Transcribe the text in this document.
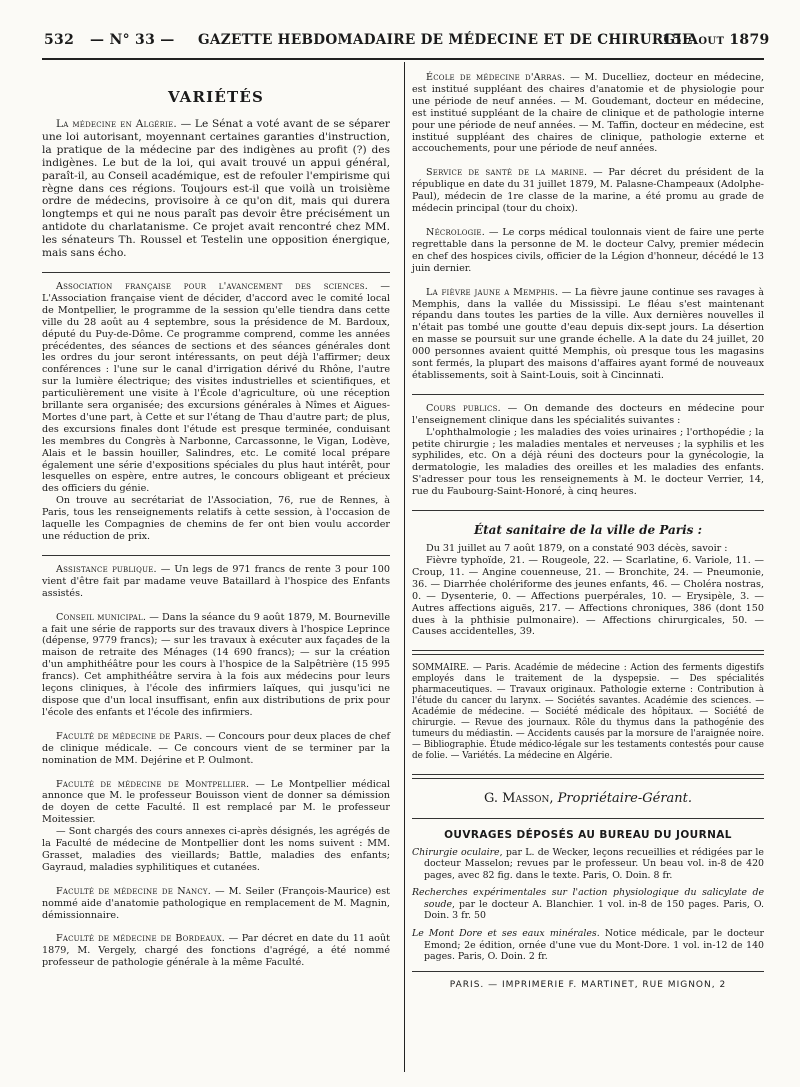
532 — N° 33 — GAZETTE HEBDOMADAIRE DE MÉDECINE ET DE CHIRURGIE
15 Aout 1879
VARIÉTÉS

La médecine en Algérie. — Le Sénat a voté avant de se séparer une loi autorisant, moyennant certaines garanties d'instruction, la pratique de la médecine par des indigènes au profit (?) des indigènes. Le but de la loi, qui avait trouvé un appui général, paraît-il, au Conseil académique, est de refouler l'empirisme qui règne dans ces régions. Toujours est-il que voilà un troisième ordre de médecins, provisoire à ce qu'on dit, mais qui durera longtemps et qui ne nous paraît pas devoir être précisément un antidote du charlatanisme. Ce projet avait rencontré chez MM. les sénateurs Th. Roussel et Testelin une opposition énergique, mais sans écho.

Association française pour l'avancement des sciences. — L'Association française vient de décider, d'accord avec le comité local de Montpellier, le programme de la session qu'elle tiendra dans cette ville du 28 août au 4 septembre, sous la présidence de M. Bardoux, député du Puy-de-Dôme. Ce programme comprend, comme les années précédentes, des séances de sections et des séances générales dont les ordres du jour seront intéressants, on peut déjà l'affirmer; deux conférences : l'une sur le canal d'irrigation dérivé du Rhône, l'autre sur la lumière électrique; des visites industrielles et scientifiques, et particulièrement une visite à l'École d'agriculture, où une réception brillante sera organisée; des excursions générales à Nîmes et Aigues-Mortes d'une part, à Cette et sur l'étang de Thau d'autre part; de plus, des excursions finales dont l'étude est presque terminée, conduisant les membres du Congrès à Narbonne, Carcassonne, le Vigan, Lodève, Alais et le bassin houiller, Salindres, etc. Le comité local prépare également une série d'expositions spéciales du plus haut intérêt, pour lesquelles on espère, entre autres, le concours obligeant et précieux des officiers du génie.

On trouve au secrétariat de l'Association, 76, rue de Rennes, à Paris, tous les renseignements relatifs à cette session, à l'occasion de laquelle les Compagnies de chemins de fer ont bien voulu accorder une réduction de prix.

Assistance publique. — Un legs de 971 francs de rente 3 pour 100 vient d'être fait par madame veuve Bataillard à l'hospice des Enfants assistés.

Conseil municipal. — Dans la séance du 9 août 1879, M. Bourneville a fait une série de rapports sur des travaux divers à l'hospice Leprince (dépense, 9779 francs); — sur les travaux à exécuter aux façades de la maison de retraite des Ménages (14 690 francs); — sur la création d'un amphithéâtre pour les cours à l'hospice de la Salpêtrière (15 995 francs). Cet amphithéâtre servira à la fois aux médecins pour leurs leçons cliniques, à l'école des infirmiers laïques, qui jusqu'ici ne dispose que d'un local insuffisant, enfin aux distributions de prix pour l'école des enfants et l'école des infirmiers.

Faculté de médecine de Paris. — Concours pour deux places de chef de clinique médicale. — Ce concours vient de se terminer par la nomination de MM. Dejérine et P. Oulmont.

Faculté de médecine de Montpellier. — Le Montpellier médical annonce que M. le professeur Bouisson vient de donner sa démission de doyen de cette Faculté. Il est remplacé par M. le professeur Moitessier.

— Sont chargés des cours annexes ci-après désignés, les agrégés de la Faculté de médecine de Montpellier dont les noms suivent : MM. Grasset, maladies des vieillards; Battle, maladies des enfants; Gayraud, maladies syphilitiques et cutanées.

Faculté de médecine de Nancy. — M. Seiler (François-Maurice) est nommé aide d'anatomie pathologique en remplacement de M. Magnin, démissionnaire.

Faculté de médecine de Bordeaux. — Par décret en date du 11 août 1879, M. Vergely, chargé des fonctions d'agrégé, a été nommé professeur de pathologie générale à la même Faculté.

École de médecine d'Arras. — M. Ducelliez, docteur en médecine, est institué suppléant des chaires d'anatomie et de physiologie pour une période de neuf années. — M. Goudemant, docteur en médecine, est institué suppléant de la chaire de clinique et de pathologie interne pour une période de neuf années. — M. Taffin, docteur en médecine, est institué suppléant des chaires de clinique, pathologie externe et accouchements, pour une période de neuf années.

Service de santé de la marine. — Par décret du président de la république en date du 31 juillet 1879, M. Palasne-Champeaux (Adolphe-Paul), médecin de 1re classe de la marine, a été promu au grade de médecin principal (tour du choix).

Nécrologie. — Le corps médical toulonnais vient de faire une perte regrettable dans la personne de M. le docteur Calvy, premier médecin en chef des hospices civils, officier de la Légion d'honneur, décédé le 13 juin dernier.

La fièvre jaune a Memphis. — La fièvre jaune continue ses ravages à Memphis, dans la vallée du Mississipi. Le fléau s'est maintenant répandu dans toutes les parties de la ville. Aux dernières nouvelles il n'était pas tombé une goutte d'eau depuis dix-sept jours. La désertion en masse se poursuit sur une grande échelle. A la date du 24 juillet, 20 000 personnes avaient quitté Memphis, où presque tous les magasins sont fermés, la plupart des maisons d'affaires ayant formé de nouveaux établissements, soit à Saint-Louis, soit à Cincinnati.

Cours publics. — On demande des docteurs en médecine pour l'enseignement clinique dans les spécialités suivantes :

L'ophthalmologie ; les maladies des voies urinaires ; l'orthopédie ; la petite chirurgie ; les maladies mentales et nerveuses ; la syphilis et les syphilides, etc. On a déjà réuni des docteurs pour la gynécologie, la dermatologie, les maladies des oreilles et les maladies des enfants. S'adresser pour tous les renseignements à M. le docteur Verrier, 14, rue du Faubourg-Saint-Honoré, à cinq heures.

État sanitaire de la ville de Paris :

Du 31 juillet au 7 août 1879, on a constaté 903 décès, savoir :

Fièvre typhoïde, 21. — Rougeole, 22. — Scarlatine, 6. Variole, 11. — Croup, 11. — Angine couenneuse, 21. — Bronchite, 24. — Pneumonie, 36. — Diarrhée cholériforme des jeunes enfants, 46. — Choléra nostras, 0. — Dysenterie, 0. — Affections puerpérales, 10. — Erysipèle, 3. — Autres affections aiguës, 217. — Affections chroniques, 386 (dont 150 dues à la phthisie pulmonaire). — Affections chirurgicales, 50. — Causes accidentelles, 39.

SOMMAIRE. — Paris. Académie de médecine : Action des ferments digestifs employés dans le traitement de la dyspepsie. — Des spécialités pharmaceutiques. — Travaux originaux. Pathologie externe : Contribution à l'étude du cancer du larynx. — Sociétés savantes. Académie des sciences. — Académie de médecine. — Société médicale des hôpitaux. — Société de chirurgie. — Revue des journaux. Rôle du thymus dans la pathogénie des tumeurs du médiastin. — Accidents causés par la morsure de l'araignée noire. — Bibliographie. Étude médico-légale sur les testaments contestés pour cause de folie. — Variétés. La médecine en Algérie.

G. Masson, Propriétaire-Gérant.
OUVRAGES DÉPOSÉS AU BUREAU DU JOURNAL
Chirurgie oculaire, par L. de Wecker, leçons recueillies et rédigées par le docteur Masselon; revues par le professeur. Un beau vol. in-8 de 420 pages, avec 82 fig. dans le texte. Paris, O. Doin. 8 fr.
Recherches expérimentales sur l'action physiologique du salicylate de soude, par le docteur A. Blanchier. 1 vol. in-8 de 150 pages. Paris, O. Doin. 3 fr. 50
Le Mont Dore et ses eaux minérales. Notice médicale, par le docteur Emond; 2e édition, ornée d'une vue du Mont-Dore. 1 vol. in-12 de 140 pages. Paris, O. Doin. 2 fr.
PARIS. — IMPRIMERIE F. MARTINET, RUE MIGNON, 2
